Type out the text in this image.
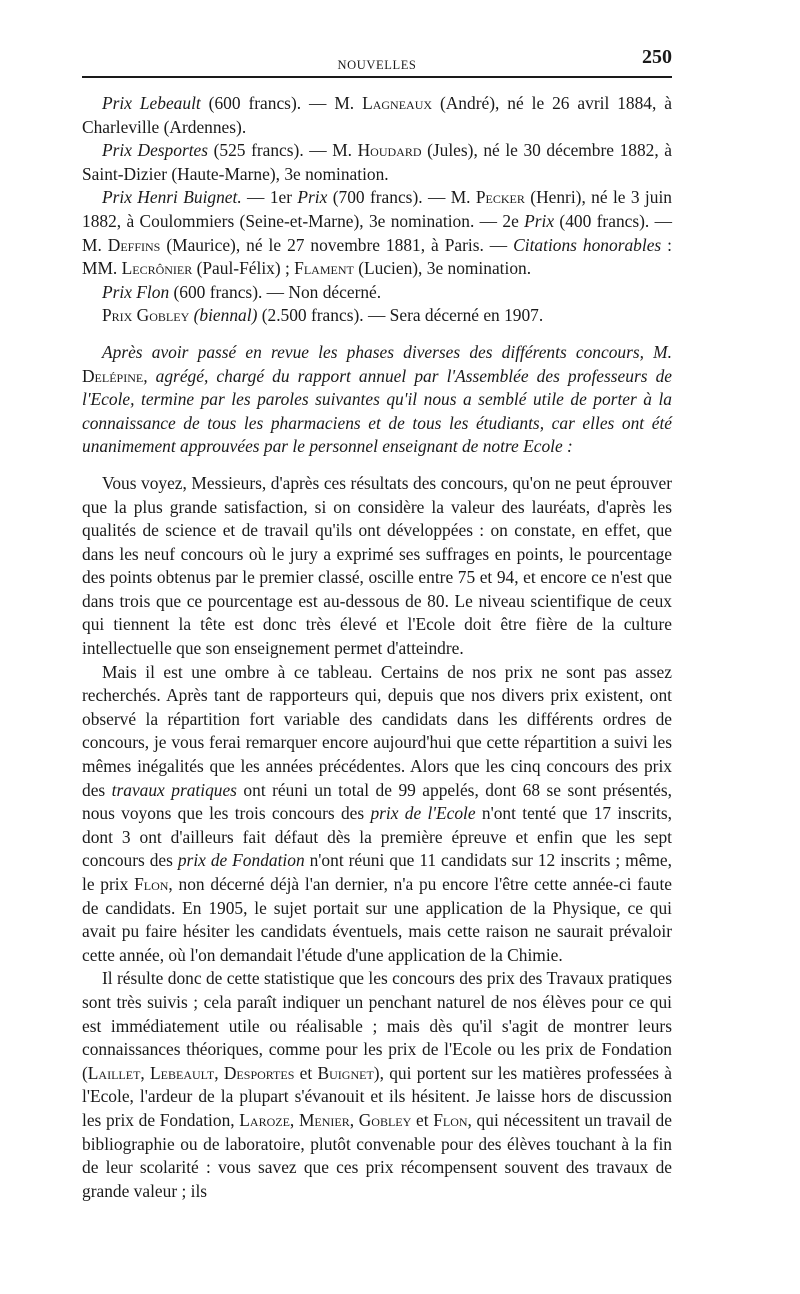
NOUVELLES	250

Prix Lebeault (600 francs). — M. Lagneaux (André), né le 26 avril 1884, à Charleville (Ardennes).

Prix Desportes (525 francs). — M. Houdard (Jules), né le 30 décembre 1882, à Saint-Dizier (Haute-Marne), 3e nomination.

Prix Henri Buignet. — 1er Prix (700 francs). — M. Pecker (Henri), né le 3 juin 1882, à Coulommiers (Seine-et-Marne), 3e nomination. — 2e Prix (400 francs). — M. Deffins (Maurice), né le 27 novembre 1881, à Paris. — Citations honorables : MM. Lecrônier (Paul-Félix) ; Flament (Lucien), 3e nomination.

Prix Flon (600 francs). — Non décerné.

Prix Gobley (biennal) (2.500 francs). — Sera décerné en 1907.

Après avoir passé en revue les phases diverses des différents concours, M. Delépine, agrégé, chargé du rapport annuel par l'Assemblée des professeurs de l'Ecole, termine par les paroles suivantes qu'il nous a semblé utile de porter à la connaissance de tous les pharmaciens et de tous les étudiants, car elles ont été unanimement approuvées par le personnel enseignant de notre Ecole :

Vous voyez, Messieurs, d'après ces résultats des concours, qu'on ne peut éprouver que la plus grande satisfaction, si on considère la valeur des lauréats, d'après les qualités de science et de travail qu'ils ont développées : on constate, en effet, que dans les neuf concours où le jury a exprimé ses suffrages en points, le pourcentage des points obtenus par le premier classé, oscille entre 75 et 94, et encore ce n'est que dans trois que ce pourcentage est au-dessous de 80. Le niveau scientifique de ceux qui tiennent la tête est donc très élevé et l'Ecole doit être fière de la culture intellectuelle que son enseignement permet d'atteindre.

Mais il est une ombre à ce tableau. Certains de nos prix ne sont pas assez recherchés. Après tant de rapporteurs qui, depuis que nos divers prix existent, ont observé la répartition fort variable des candidats dans les différents ordres de concours, je vous ferai remarquer encore aujourd'hui que cette répartition a suivi les mêmes inégalités que les années précédentes. Alors que les cinq concours des prix des travaux pratiques ont réuni un total de 99 appelés, dont 68 se sont présentés, nous voyons que les trois concours des prix de l'Ecole n'ont tenté que 17 inscrits, dont 3 ont d'ailleurs fait défaut dès la première épreuve et enfin que les sept concours des prix de Fondation n'ont réuni que 11 candidats sur 12 inscrits ; même, le prix Flon, non décerné déjà l'an dernier, n'a pu encore l'être cette année-ci faute de candidats. En 1905, le sujet portait sur une application de la Physique, ce qui avait pu faire hésiter les candidats éventuels, mais cette raison ne saurait prévaloir cette année, où l'on demandait l'étude d'une application de la Chimie.

Il résulte donc de cette statistique que les concours des prix des Travaux pratiques sont très suivis ; cela paraît indiquer un penchant naturel de nos élèves pour ce qui est immédiatement utile ou réalisable ; mais dès qu'il s'agit de montrer leurs connaissances théoriques, comme pour les prix de l'Ecole ou les prix de Fondation (Laillet, Lebeault, Desportes et Buignet), qui portent sur les matières professées à l'Ecole, l'ardeur de la plupart s'évanouit et ils hésitent. Je laisse hors de discussion les prix de Fondation, Laroze, Menier, Gobley et Flon, qui nécessitent un travail de bibliographie ou de laboratoire, plutôt convenable pour des élèves touchant à la fin de leur scolarité : vous savez que ces prix récompensent souvent des travaux de grande valeur ; ils
